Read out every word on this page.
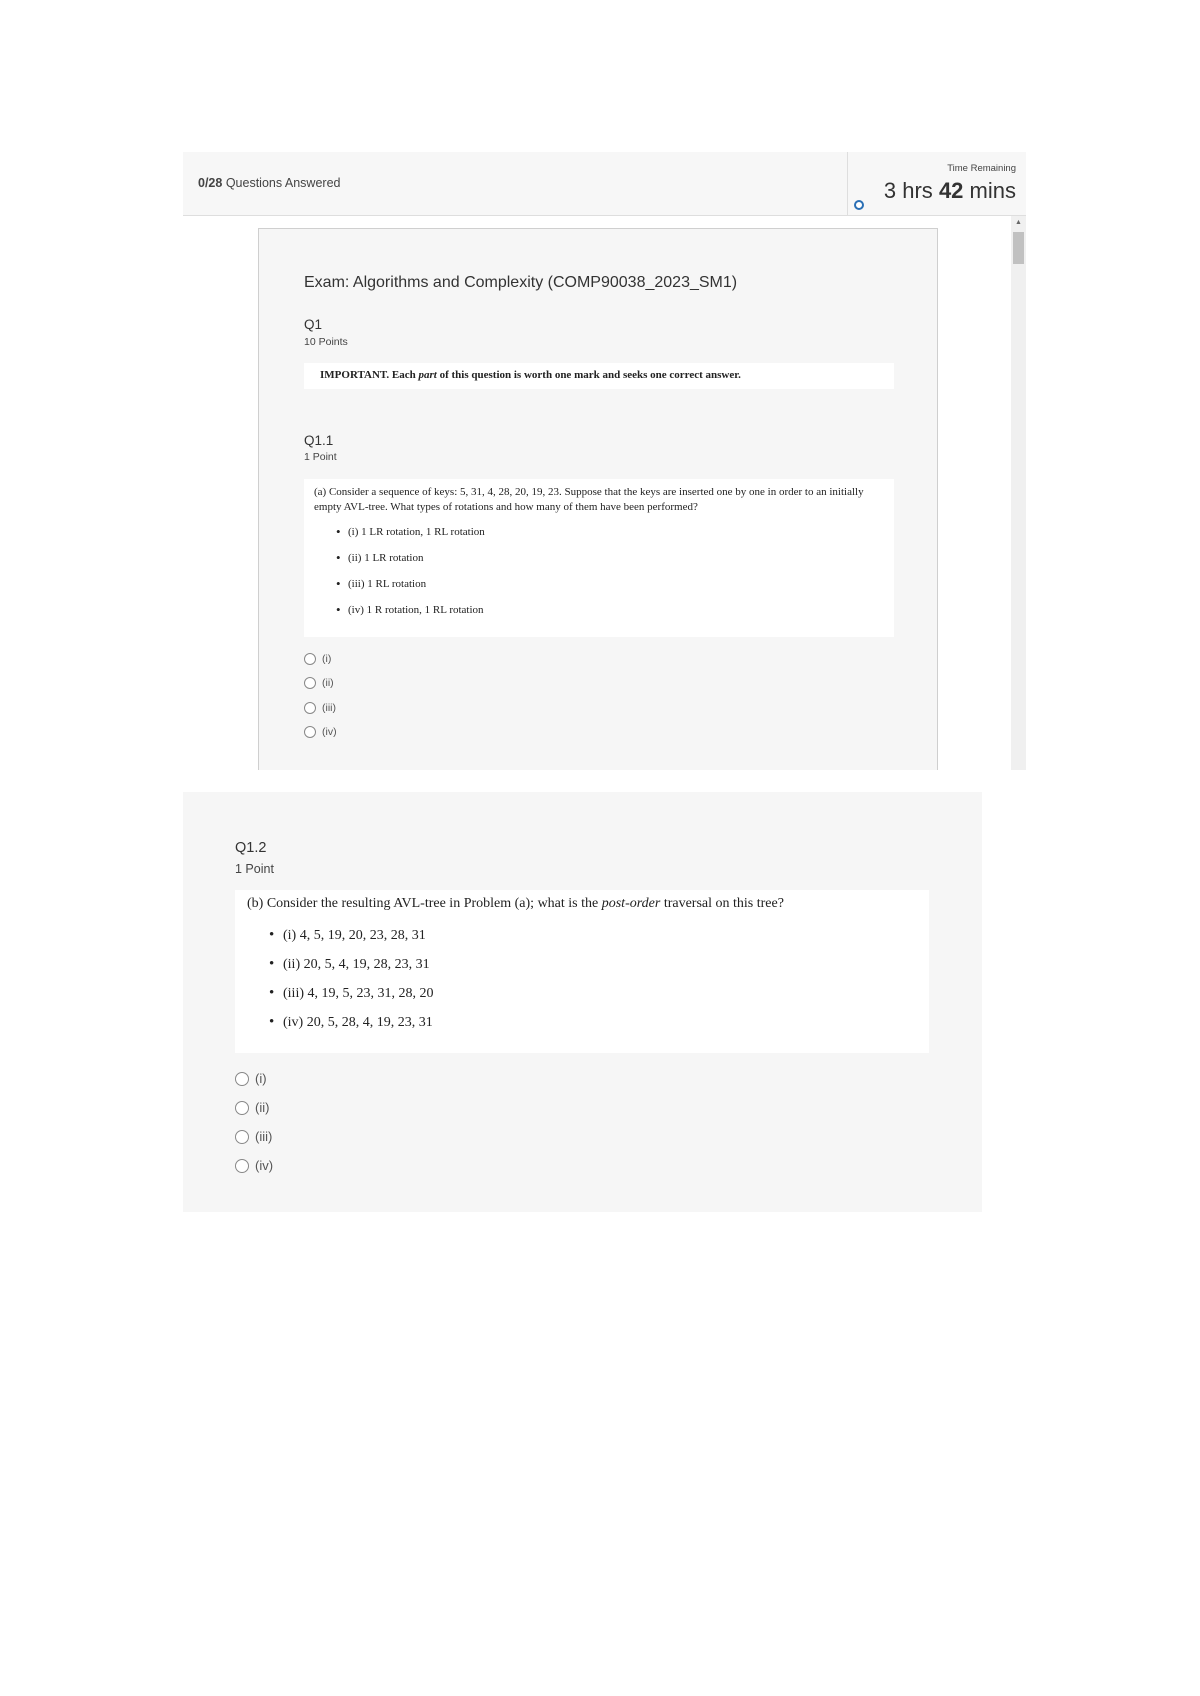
0/28 Questions Answered
Time Remaining
3 hrs 42 mins
Exam: Algorithms and Complexity (COMP90038_2023_SM1)
Q1
10 Points
IMPORTANT. Each part of this question is worth one mark and seeks one correct answer.
Q1.1
1 Point
(a) Consider a sequence of keys: 5, 31, 4, 28, 20, 19, 23. Suppose that the keys are inserted one by one in order to an initially empty AVL-tree. What types of rotations and how many of them have been performed?
• (i) 1 LR rotation, 1 RL rotation
• (ii) 1 LR rotation
• (iii) 1 RL rotation
• (iv) 1 R rotation, 1 RL rotation
(i)
(ii)
(iii)
(iv)
▲
Q1.2
1 Point
(b) Consider the resulting AVL-tree in Problem (a); what is the post-order traversal on this tree?
• (i) 4, 5, 19, 20, 23, 28, 31
• (ii) 20, 5, 4, 19, 28, 23, 31
• (iii) 4, 19, 5, 23, 31, 28, 20
• (iv) 20, 5, 28, 4, 19, 23, 31
(i)
(ii)
(iii)
(iv)
